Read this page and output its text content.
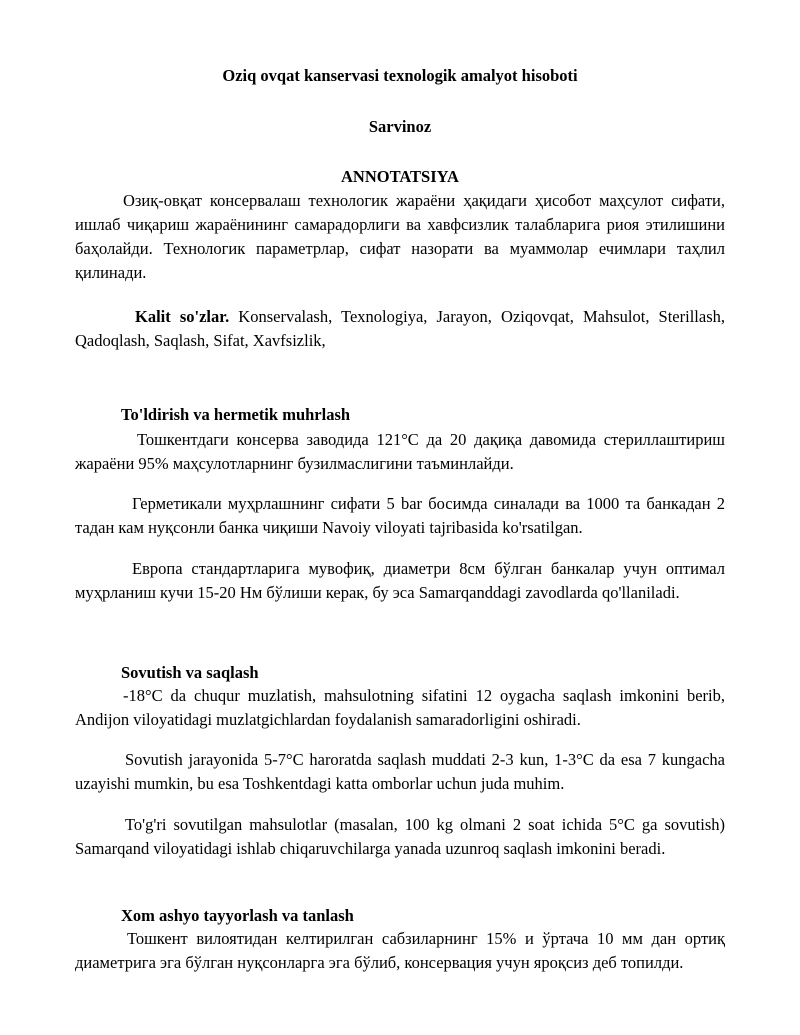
Oziq ovqat kanservasi texnologik amalyot hisoboti
Sarvinoz
ANNOTATSIYA
Озиқ-овқат консервалаш технологик жараёни ҳақидаги ҳисобот маҳсулот сифати, ишлаб чиқариш жараёнининг самарадорлиги ва хавфсизлик талабларига риоя этилишини баҳолайди. Технологик параметрлар, сифат назорати ва муаммолар ечимлари таҳлил қилинади.
Kalit so'zlar. Konservalash, Texnologiya, Jarayon, Oziqovqat, Mahsulot, Sterillash, Qadoqlash, Saqlash, Sifat, Xavfsizlik,
To'ldirish va hermetik muhrlash
Тошкентдаги консерва заводида 121°C да 20 дақиқа давомида стериллаштириш жараёни 95% маҳсулотларнинг бузилмаслигини таъминлайди.
Герметикали муҳрлашнинг сифати 5 bar босимда синалади ва 1000 та банкадан 2 тадан кам нуқсонли банка чиқиши Navoiy viloyati tajribasida ko'rsatilgan.
Европа стандартларига мувофиқ, диаметри 8см бўлган банкалар учун оптимал муҳрланиш кучи 15-20 Нм бўлиши керак, бу эса Samarqanddagi zavodlarda qo'llaniladi.
Sovutish va saqlash
-18°C da chuqur muzlatish, mahsulotning sifatini 12 oygacha saqlash imkonini berib, Andijon viloyatidagi muzlatgichlardan foydalanish samaradorligini oshiradi.
Sovutish jarayonida 5-7°C haroratda saqlash muddati 2-3 kun, 1-3°C da esa 7 kungacha uzayishi mumkin, bu esa Toshkentdagi katta omborlar uchun juda muhim.
To'g'ri sovutilgan mahsulotlar (masalan, 100 kg olmani 2 soat ichida 5°C ga sovutish) Samarqand viloyatidagi ishlab chiqaruvchilarga yanada uzunroq saqlash imkonini beradi.
Xom ashyo tayyorlash va tanlash
Тошкент вилоятидан келтирилган сабзиларнинг 15% и ўртача 10 мм дан ортиқ диаметрига эга бўлган нуқсонларга эга бўлиб, консервация учун яроқсиз деб топилди.
